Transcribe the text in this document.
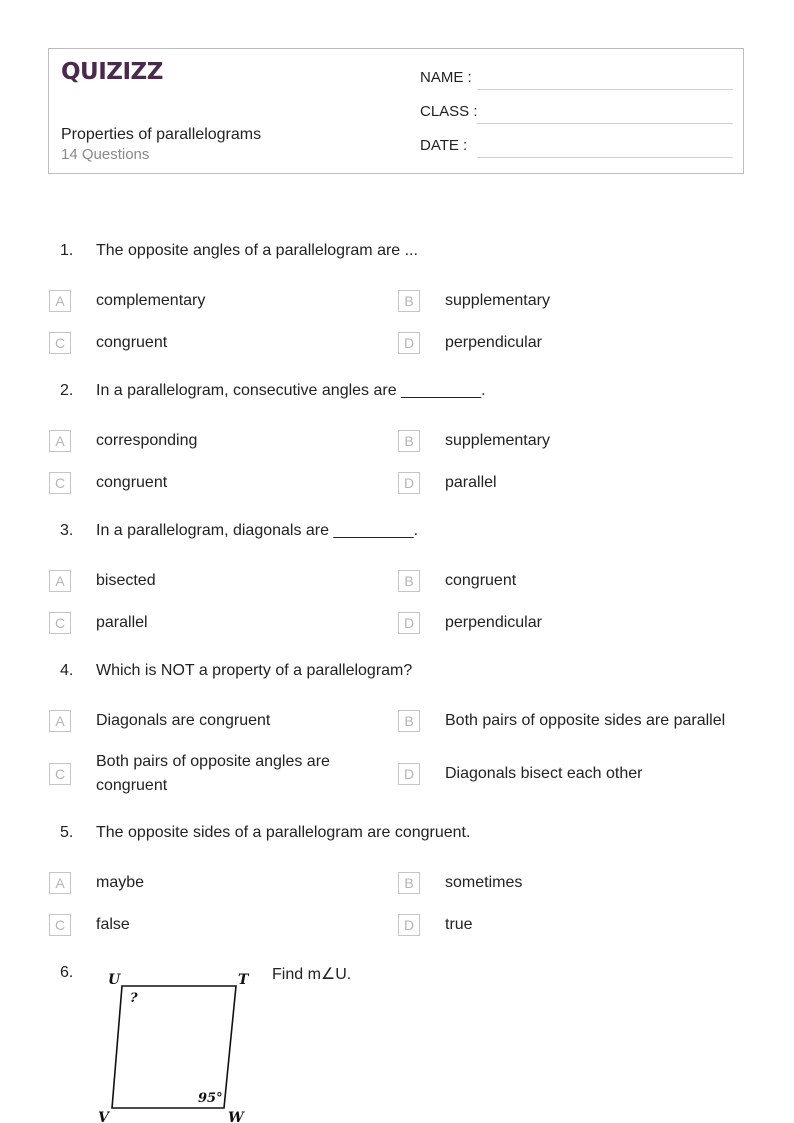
QUIZIZZ
Properties of parallelograms
14 Questions
NAME :
CLASS :
DATE :
1. The opposite angles of a parallelogram are ...
A	complementary	B	supplementary
C	congruent	D	perpendicular
2. In a parallelogram, consecutive angles are _________.
A	corresponding	B	supplementary
C	congruent	D	parallel
3. In a parallelogram, diagonals are _________.
A	bisected	B	congruent
C	parallel	D	perpendicular
4. Which is NOT a property of a parallelogram?
A	Diagonals are congruent	B	Both pairs of opposite sides are parallel
C
Both pairs of opposite angles are congruent
D	Diagonals bisect each other
5. The opposite sides of a parallelogram are congruent.
A	maybe	B	sometimes
C	false	D	true
6.	Find m∠U.
U	T
V	W
?
95°
